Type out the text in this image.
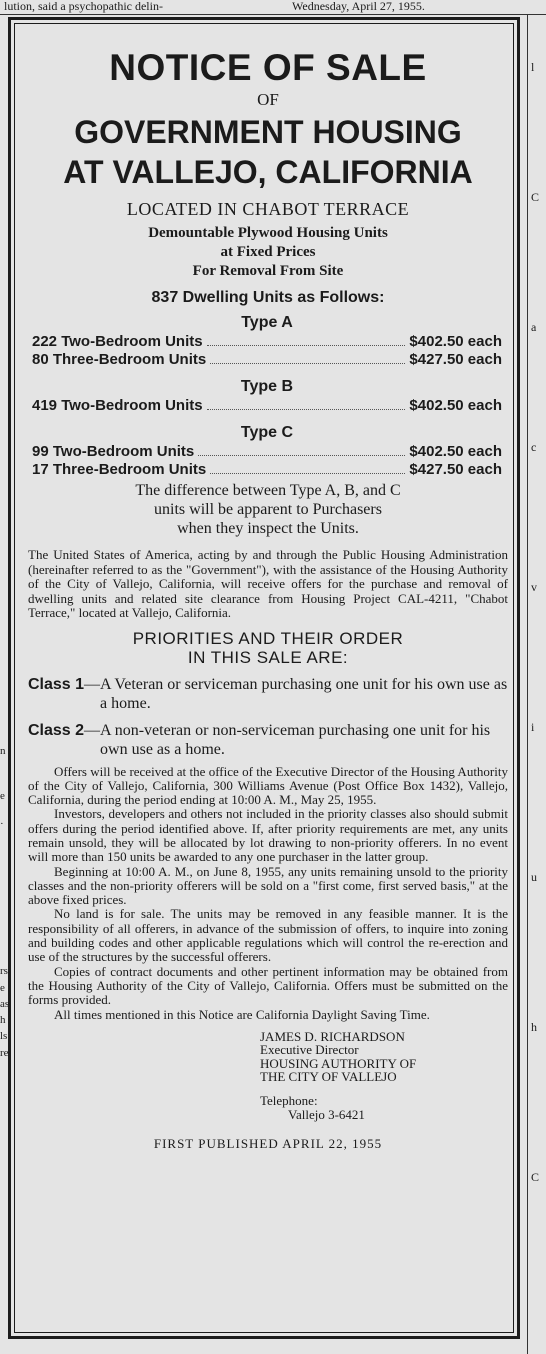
lution, said a psychopathic delin-	Wednesday, April 27, 1955.
n
e
·
rs
e
as
h
ls
re
l
C
a
c
v
i
u
h
C
NOTICE OF SALE
OF
GOVERNMENT HOUSING
AT VALLEJO, CALIFORNIA
LOCATED IN CHABOT TERRACE
Demountable Plywood Housing Units
at Fixed Prices
For Removal From Site
837 Dwelling Units as Follows:
Type A
222 Two-Bedroom Units	$402.50 each
80 Three-Bedroom Units	$427.50 each
Type B
419 Two-Bedroom Units	$402.50 each
Type C
99 Two-Bedroom Units	$402.50 each
17 Three-Bedroom Units	$427.50 each
The difference between Type A, B, and C
units will be apparent to Purchasers
when they inspect the Units.

The United States of America, acting by and through the Public Housing Administration (hereinafter referred to as the "Government"), with the assistance of the Housing Authority of the City of Vallejo, California, will receive offers for the purchase and removal of dwelling units and related site clearance from Housing Project CAL-4211, "Chabot Terrace," located at Vallejo, California.

PRIORITIES AND THEIR ORDER
IN THIS SALE ARE:
Class 1 — A Veteran or serviceman purchasing one unit for his own use as a home.
Class 2 — A non-veteran or non-serviceman purchasing one unit for his own use as a home.

Offers will be received at the office of the Executive Director of the Housing Authority of the City of Vallejo, California, 300 Williams Avenue (Post Office Box 1432), Vallejo, California, during the period ending at 10:00 A. M., May 25, 1955.

Investors, developers and others not included in the priority classes also should submit offers during the period identified above. If, after priority requirements are met, any units remain unsold, they will be allocated by lot drawing to non-priority offerers. In no event will more than 150 units be awarded to any one purchaser in the latter group.

Beginning at 10:00 A. M., on June 8, 1955, any units remaining unsold to the priority classes and the non-priority offerers will be sold on a "first come, first served basis," at the above fixed prices.

No land is for sale. The units may be removed in any feasible manner. It is the responsibility of all offerers, in advance of the submission of offers, to inquire into zoning and building codes and other applicable regulations which will control the re-erection and use of the structures by the successful offerers.

Copies of contract documents and other pertinent information may be obtained from the Housing Authority of the City of Vallejo, California. Offers must be submitted on the forms provided.

All times mentioned in this Notice are California Daylight Saving Time.

JAMES D. RICHARDSON
Executive Director
HOUSING AUTHORITY OF
THE CITY OF VALLEJO
Telephone:
Vallejo 3-6421
FIRST PUBLISHED APRIL 22, 1955
